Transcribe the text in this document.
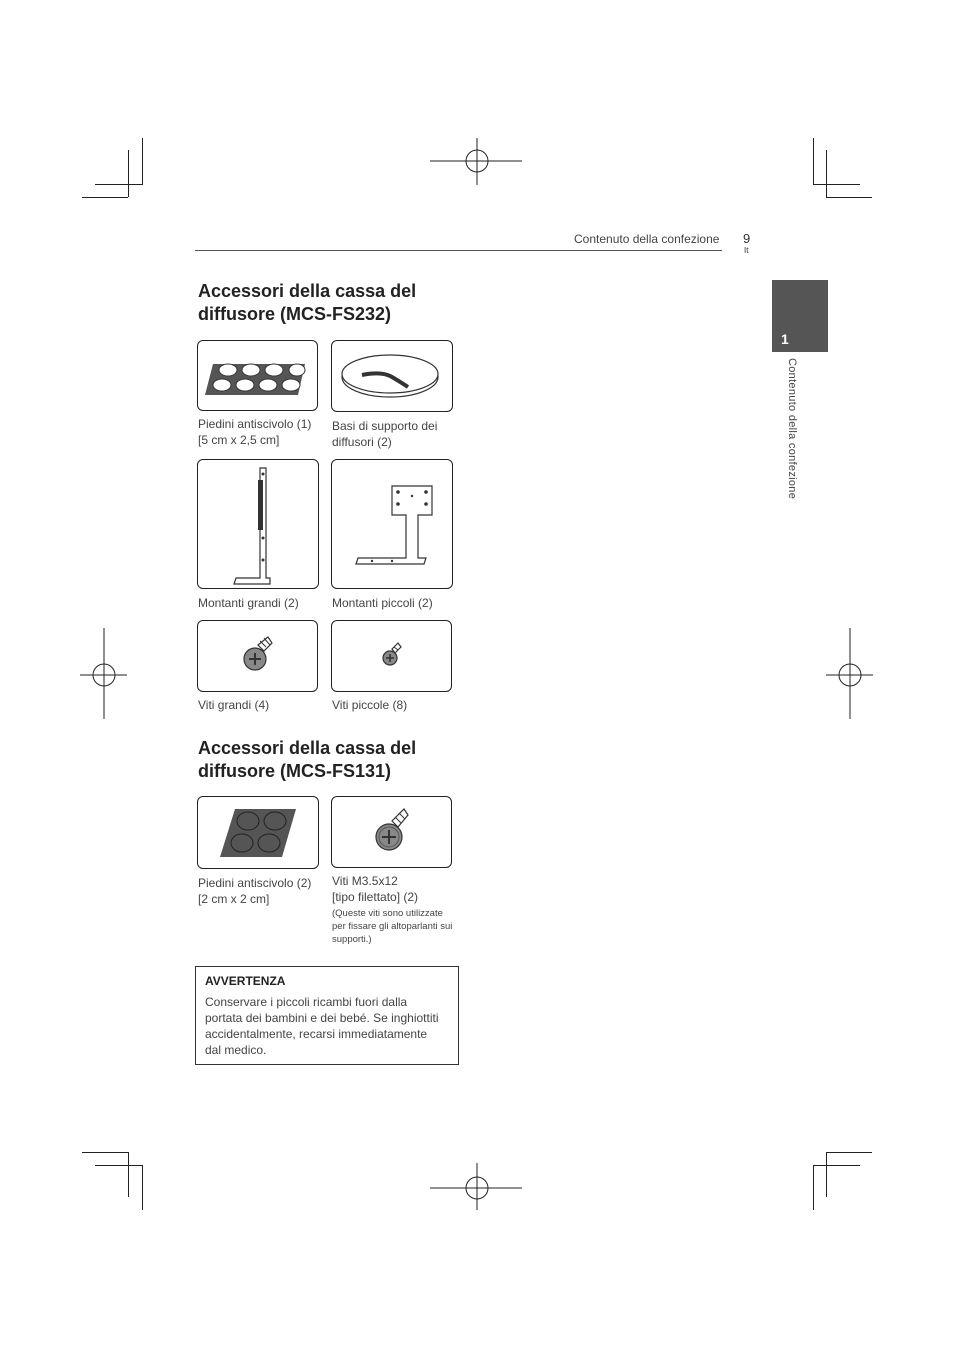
Contenuto della confezione 9
It
1
Contenuto della confezione
Accessori della cassa del
diffusore (MCS-FS232)
Piedini antiscivolo (1)
[5 cm x 2,5 cm]
Basi di supporto dei
diffusori (2)
Montanti grandi (2)	Montanti piccoli (2)
Viti grandi (4)	Viti piccole (8)
Accessori della cassa del
diffusore (MCS-FS131)
Piedini antiscivolo (2)
[2 cm x 2 cm]
Viti M3.5x12
[tipo filettato] (2)
(Queste viti sono utilizzate
per fissare gli altoparlanti sui
supporti.)
AVVERTENZA
Conservare i piccoli ricambi fuori dalla
portata dei bambini e dei bebé. Se inghiottiti
accidentalmente, recarsi immediatamente
dal medico.
